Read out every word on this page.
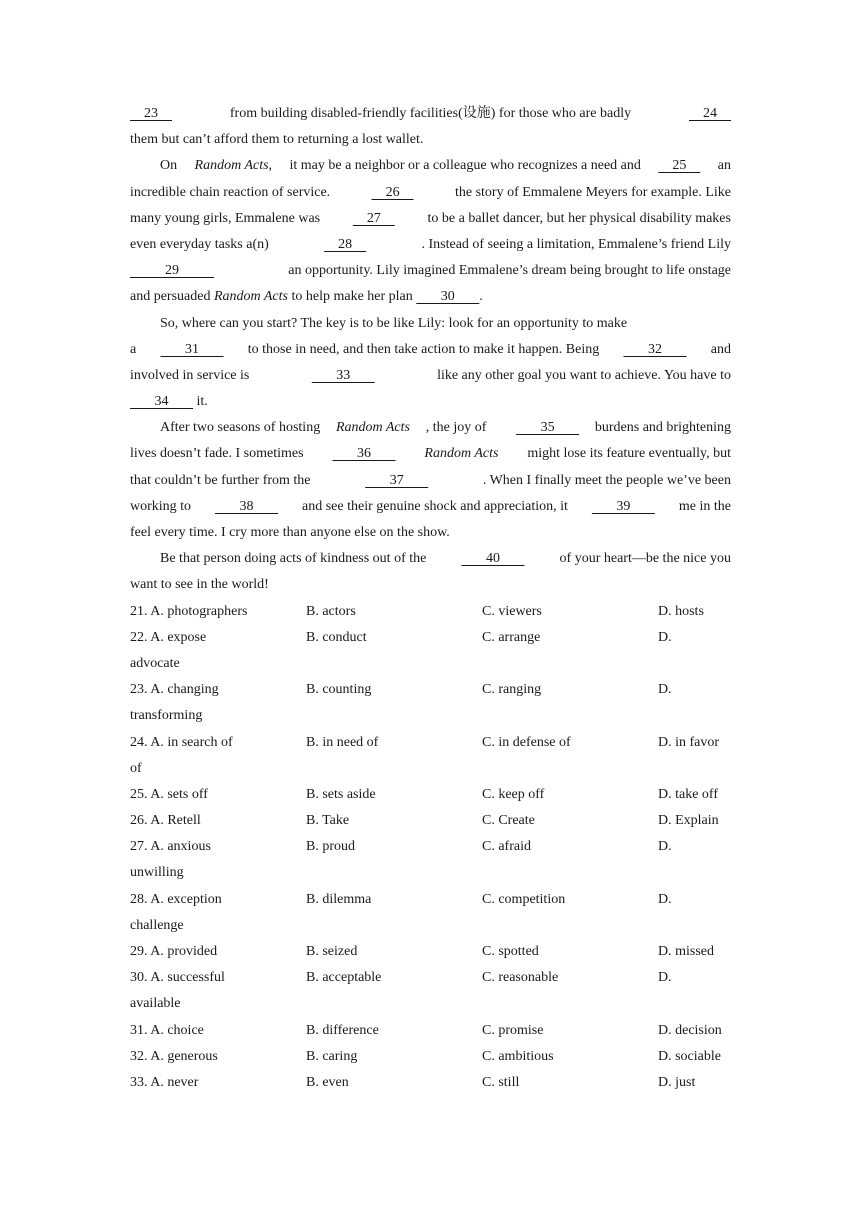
23	from building disabled-friendly facilities(设施) for those who are badly	24
them but can’t afford them to returning a lost wallet.
On Random Acts, it may be a neighbor or a colleague who recognizes a need and 25 an
incredible chain reaction of service.	26	the story of Emmalene Meyers for example. Like
many young girls, Emmalene was 27 to be a ballet dancer, but her physical disability makes
even everyday tasks a(n)	28	. Instead of seeing a limitation, Emmalene’s friend Lily
29	an opportunity. Lily imagined Emmalene’s dream being brought to life onstage
and persuaded Random Acts to help make her plan 30 .
So, where can you start? The key is to be like Lily: look for an opportunity to make
a 31 to those in need, and then take action to make it happen. Being 32 and
involved in service is	33	like any other goal you want to achieve. You have to
34 it.
After two seasons of hosting Random Acts , the joy of 35 burdens and brightening
lives doesn’t fade. I sometimes 36 Random Acts might lose its feature eventually, but
that couldn’t be further from the	37	. When I finally meet the people we’ve been
working to 38 and see their genuine shock and appreciation, it 39 me in the
feel every time. I cry more than anyone else on the show.
Be that person doing acts of kindness out of the	40	of your heart—be the nice you
want to see in the world!
21. A. photographers	B. actors	C. viewers	D. hosts
22. A. expose	B. conduct	C. arrange	D.
advocate
23. A. changing	B. counting	C. ranging	D.
transforming
24. A. in search of	B. in need of	C. in defense of	D. in favor
of
25. A. sets off	B. sets aside	C. keep off	D. take off
26. A. Retell	B. Take	C. Create	D. Explain
27. A. anxious	B. proud	C. afraid	D.
unwilling
28. A. exception	B. dilemma	C. competition	D.
challenge
29. A. provided	B. seized	C. spotted	D. missed
30. A. successful	B. acceptable	C. reasonable	D.
available
31. A. choice	B. difference	C. promise	D. decision
32. A. generous	B. caring	C. ambitious	D. sociable
33. A. never	B. even	C. still	D. just
